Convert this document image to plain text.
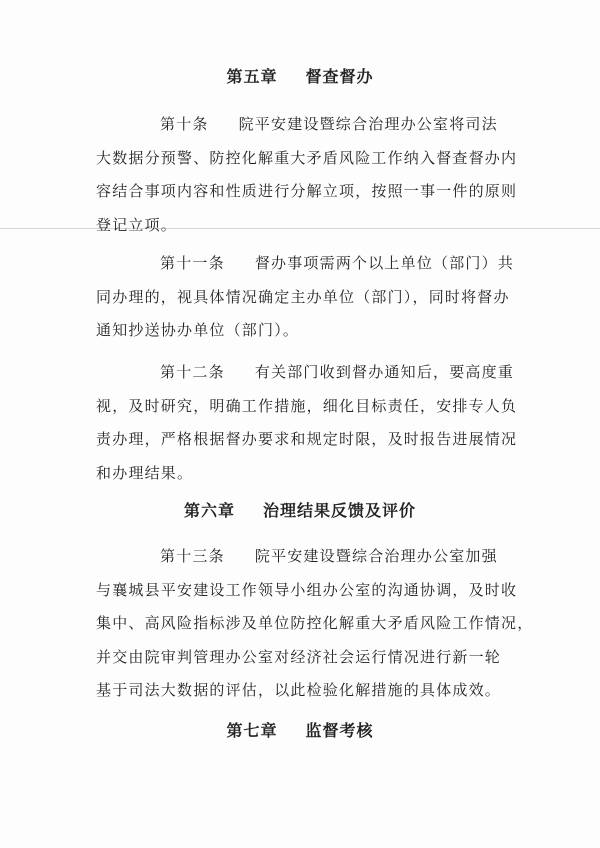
第五章 督查督办
第十条 院平安建设暨综合治理办公室将司法
大数据分预警、防控化解重大矛盾风险工作纳入督查督办内
容结合事项内容和性质进行分解立项，按照一事一件的原则
登记立项。
第十一条 督办事项需两个以上单位（部门）共
同办理的，视具体情况确定主办单位（部门），同时将督办
通知抄送协办单位（部门）。
第十二条 有关部门收到督办通知后，要高度重
视，及时研究，明确工作措施，细化目标责任，安排专人负
责办理，严格根据督办要求和规定时限，及时报告进展情况
和办理结果。
第六章 治理结果反馈及评价
第十三条 院平安建设暨综合治理办公室加强
与襄城县平安建设工作领导小组办公室的沟通协调，及时收
集中、高风险指标涉及单位防控化解重大矛盾风险工作情况，
并交由院审判管理办公室对经济社会运行情况进行新一轮
基于司法大数据的评估，以此检验化解措施的具体成效。
第七章 监督考核
